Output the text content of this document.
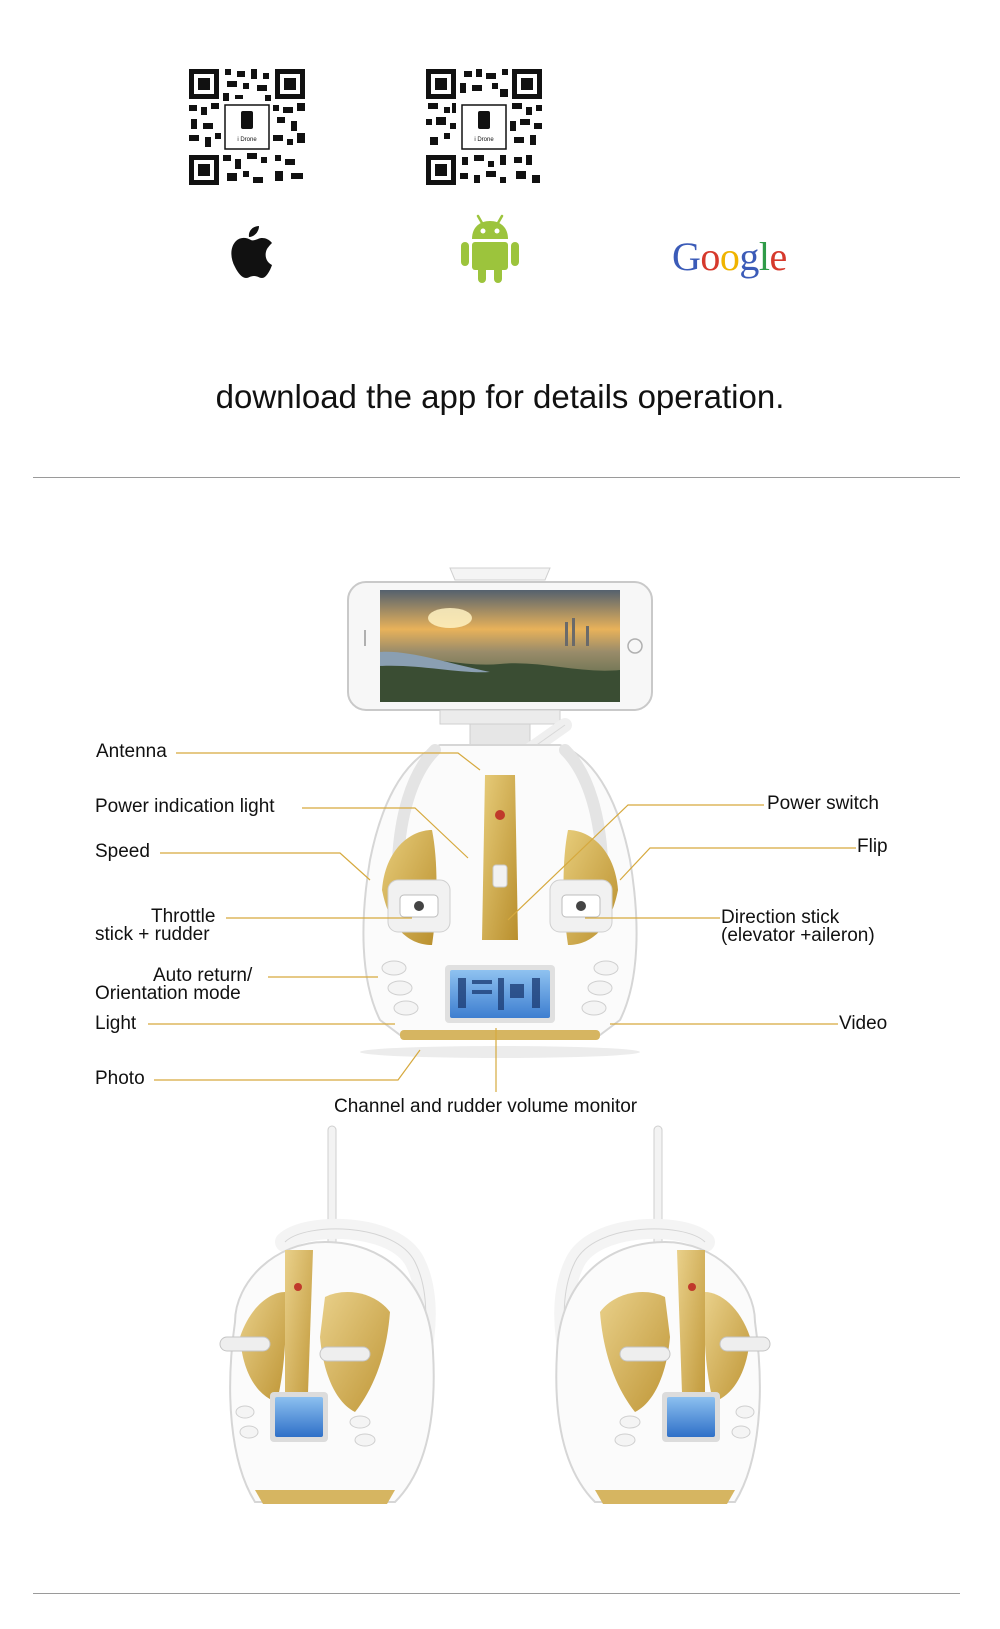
i Drone	i Drone
Google
download the app for details operation.
Antenna
Power indication light
Speed
Throttle
stick + rudder
Auto return/
Orientation mode
Light
Photo
Power switch
Flip
Direction stick
(elevator +aileron)
Video
Channel and rudder volume monitor
